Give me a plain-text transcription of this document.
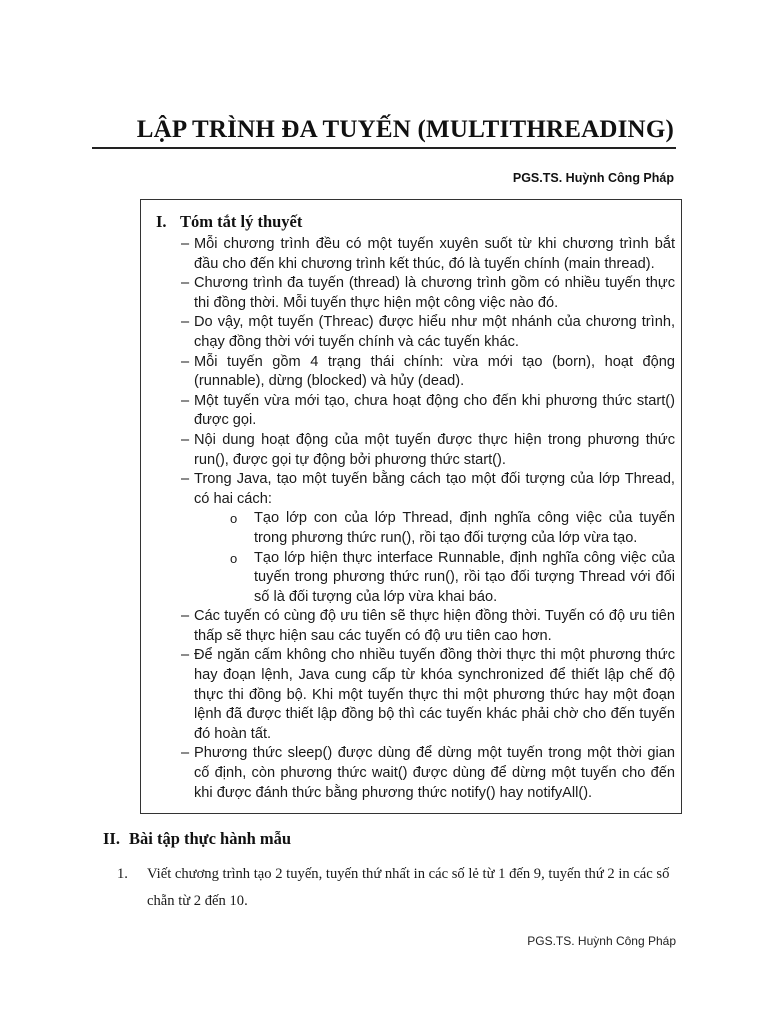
LẬP TRÌNH ĐA TUYẾN (MULTITHREADING)
PGS.TS. Huỳnh Công Pháp
I. Tóm tắt lý thuyết
– Mỗi chương trình đều có một tuyến xuyên suốt từ khi chương trình bắt đầu cho đến khi chương trình kết thúc, đó là tuyến chính (main thread).
– Chương trình đa tuyến (thread) là chương trình gồm có nhiều tuyến thực thi đồng thời. Mỗi tuyến thực hiện một công việc nào đó.
– Do vậy, một tuyến (Threac) được hiểu như một nhánh của chương trình, chạy đồng thời với tuyến chính và các tuyến khác.
– Mỗi tuyến gồm 4 trạng thái chính: vừa mới tạo (born), hoạt động (runnable), dừng (blocked) và hủy (dead).
– Một tuyến vừa mới tạo, chưa hoạt động cho đến khi phương thức start() được gọi.
– Nội dung hoạt động của một tuyến được thực hiện trong phương thức run(), được gọi tự động bởi phương thức start().
– Trong Java, tạo một tuyến bằng cách tạo một đối tượng của lớp Thread, có hai cách:
o Tạo lớp con của lớp Thread, định nghĩa công việc của tuyến trong phương thức run(), rồi tạo đối tượng của lớp vừa tạo.
o Tạo lớp hiện thực interface Runnable, định nghĩa công việc của tuyến trong phương thức run(), rồi tạo đối tượng Thread với đối số là đối tượng của lớp vừa khai báo.
– Các tuyến có cùng độ ưu tiên sẽ thực hiện đồng thời. Tuyến có độ ưu tiên thấp sẽ thực hiện sau các tuyến có độ ưu tiên cao hơn.
– Để ngăn cấm không cho nhiều tuyến đồng thời thực thi một phương thức hay đoạn lệnh, Java cung cấp từ khóa synchronized để thiết lập chế độ thực thi đồng bộ. Khi một tuyến thực thi một phương thức hay một đoạn lệnh đã được thiết lập đồng bộ thì các tuyến khác phải chờ cho đến tuyến đó hoàn tất.
– Phương thức sleep() được dùng để dừng một tuyến trong một thời gian cố định, còn phương thức wait() được dùng để dừng một tuyến cho đến khi được đánh thức bằng phương thức notify() hay notifyAll().
II. Bài tập thực hành mẫu
1.	Viết chương trình tạo 2 tuyến, tuyến thứ nhất in các số lẻ từ 1 đến 9, tuyến thứ 2 in các số chẵn từ 2 đến 10.
PGS.TS. Huỳnh Công Pháp
